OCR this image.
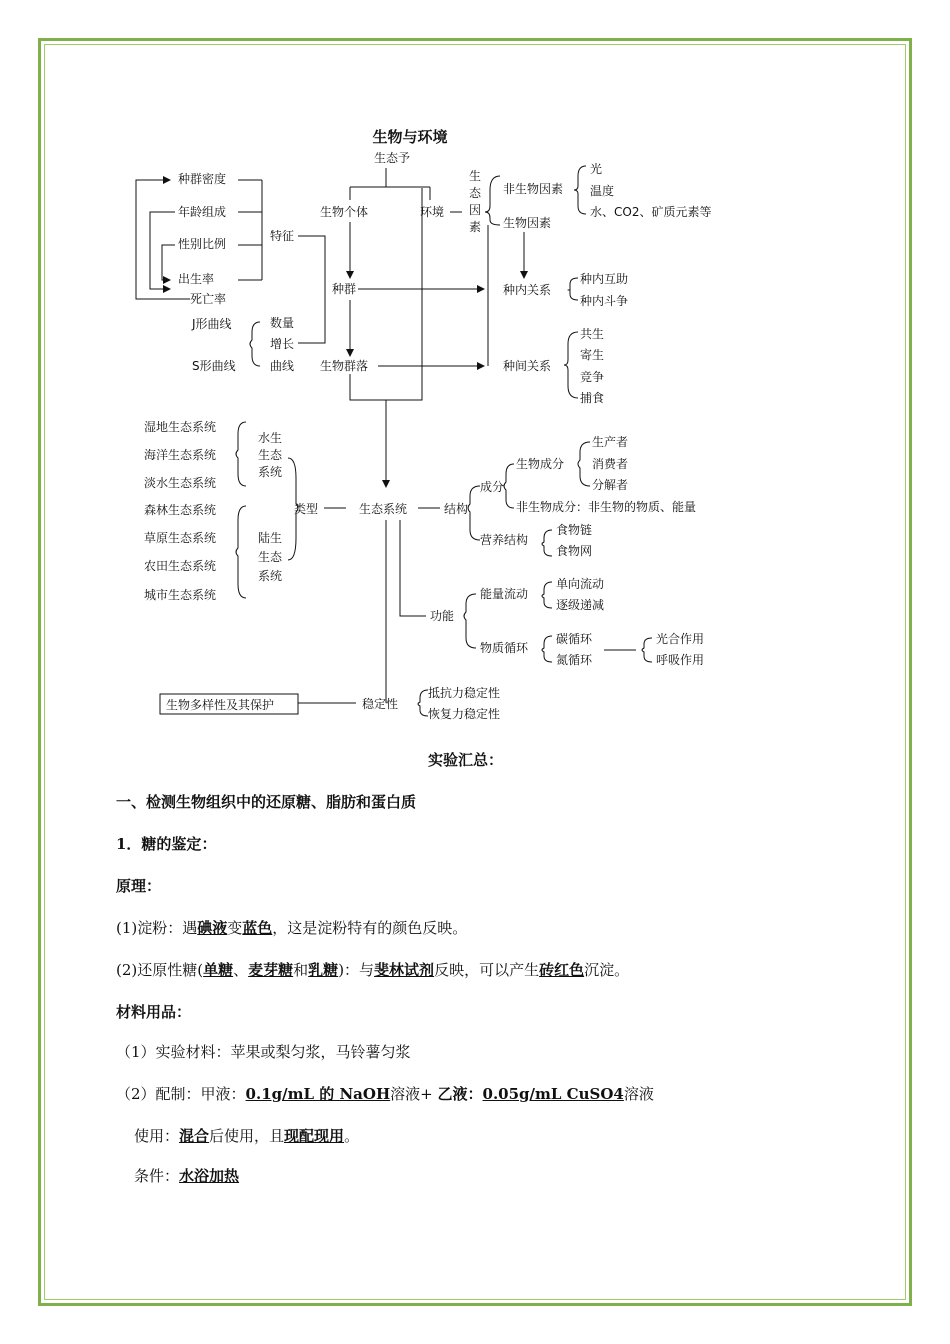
生物与环境
生态予
生物个体	环境
生
态
因
素
非生物因素
生物因素
光
温度
水、CO2、矿质元素等
种群密度
年龄组成
性别比例
出生率
死亡率
特征
种群	种内关系
种内互助
种内斗争
J形曲线
S形曲线
数量
增长
曲线 生物群落	种间关系
共生
寄生
竞争
捕食
湿地生态系统
海洋生态系统
淡水生态系统
水生
生态
系统
森林生态系统
草原生态系统
农田生态系统
城市生态系统
陆生
生态
系统
类型	生态系统	结构
成分
生物成分
生产者
消费者
分解者
非生物成分：非生物的物质、能量
营养结构
食物链
食物网
功能
能量流动
单向流动
逐级递减
物质循环
碳循环
氮循环
光合作用
呼吸作用
生物多样性及其保护	稳定性
抵抗力稳定性
恢复力稳定性
实验汇总：
一、检测生物组织中的还原糖、脂肪和蛋白质
1．糖的鉴定：
原理：
(1)淀粉：遇碘液变蓝色，这是淀粉特有的颜色反映。
(2)还原性糖(单糖、麦芽糖和乳糖)：与斐林试剂反映，可以产生砖红色沉淀。
材料用品：
（1）实验材料：苹果或梨匀浆，马铃薯匀浆
（2）配制：甲液：0.1g/mL 的 NaOH溶液+ 乙液：0.05g/mL CuSO4溶液
使用：混合后使用，且现配现用。
条件：水浴加热
